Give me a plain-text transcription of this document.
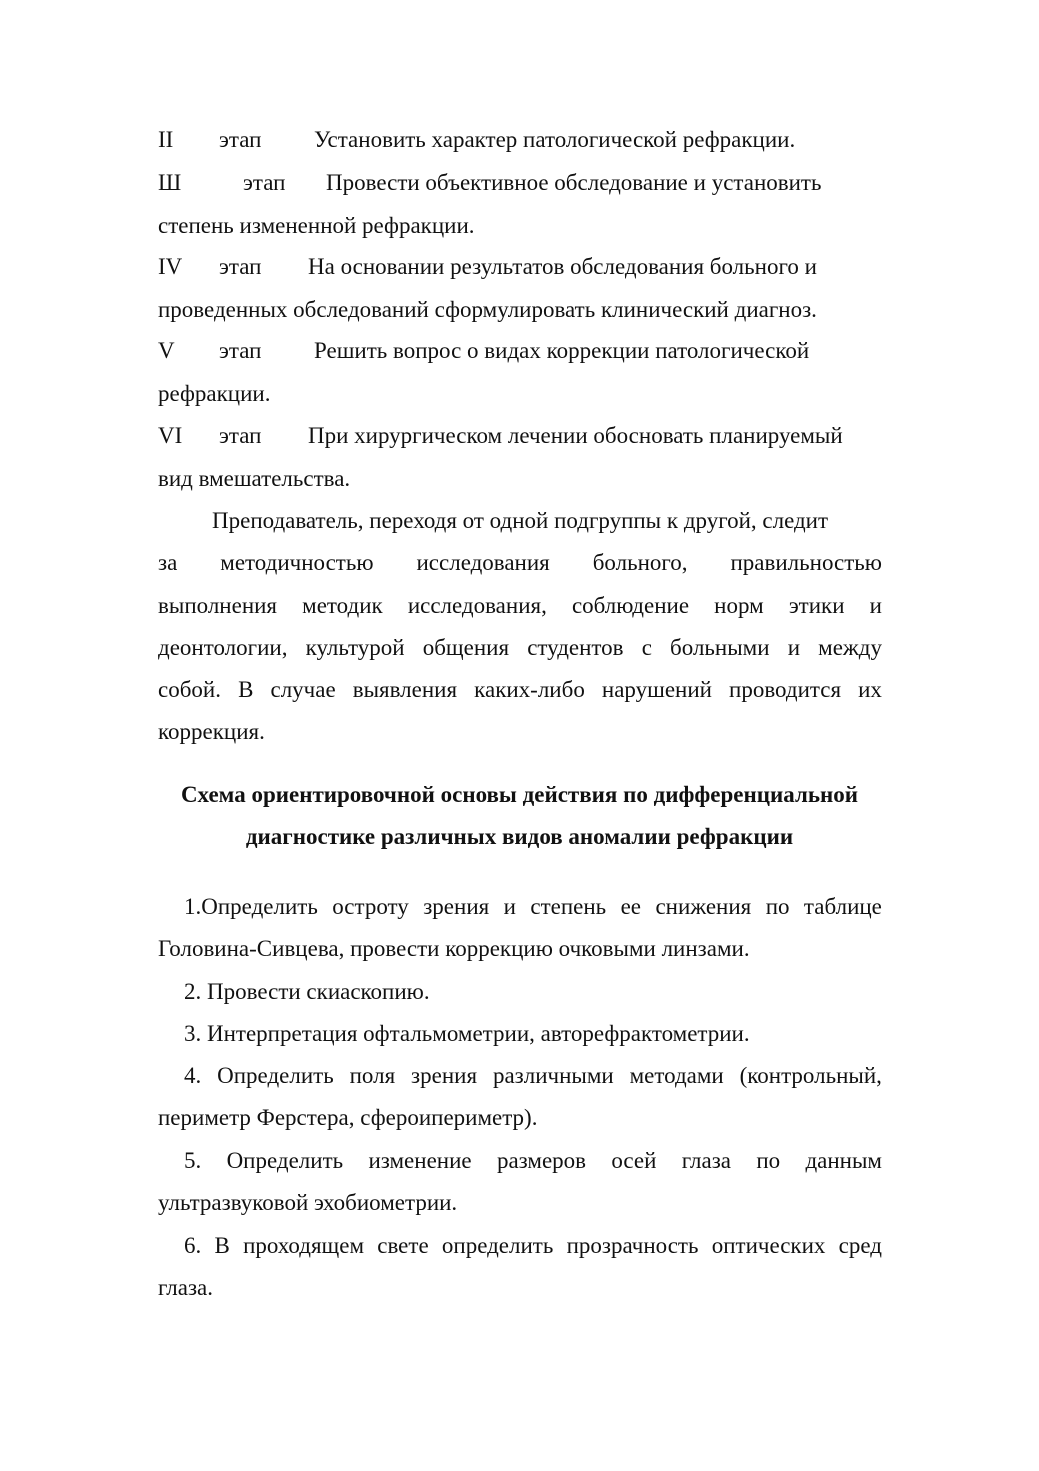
II этап Установить характер патологической рефракции.
Ш	этап Провести объективное обследование и установить
степень измененной рефракции.
IV этап На основании результатов обследования больного и
проведенных обследований сформулировать клинический диагноз.
V этап Решить вопрос о видах коррекции патологической
рефракции.
VI этап При хирургическом лечении обосновать планируемый
вид вмешательства.
Преподаватель, переходя от одной подгруппы к другой, следит
за методичностью исследования больного, правильностью
выполнения методик исследования, соблюдение норм этики и
деонтологии, культурой общения студентов с больными и между
собой. В случае выявления каких-либо нарушений проводится их
коррекция.
Схема ориентировочной основы действия по дифференциальной
диагностике различных видов аномалии рефракции
1.Определить остроту зрения и степень ее снижения по таблице
Головина-Сивцева, провести коррекцию очковыми линзами.
2. Провести скиаскопию.
3. Интерпретация офтальмометрии, авторефрактометрии.
4. Определить поля зрения различными методами (контрольный,
периметр Ферстера, сфероипериметр).
5. Определить изменение размеров осей глаза по данным
ультразвуковой эхобиометрии.
6. В проходящем свете определить прозрачность оптических сред
глаза.
